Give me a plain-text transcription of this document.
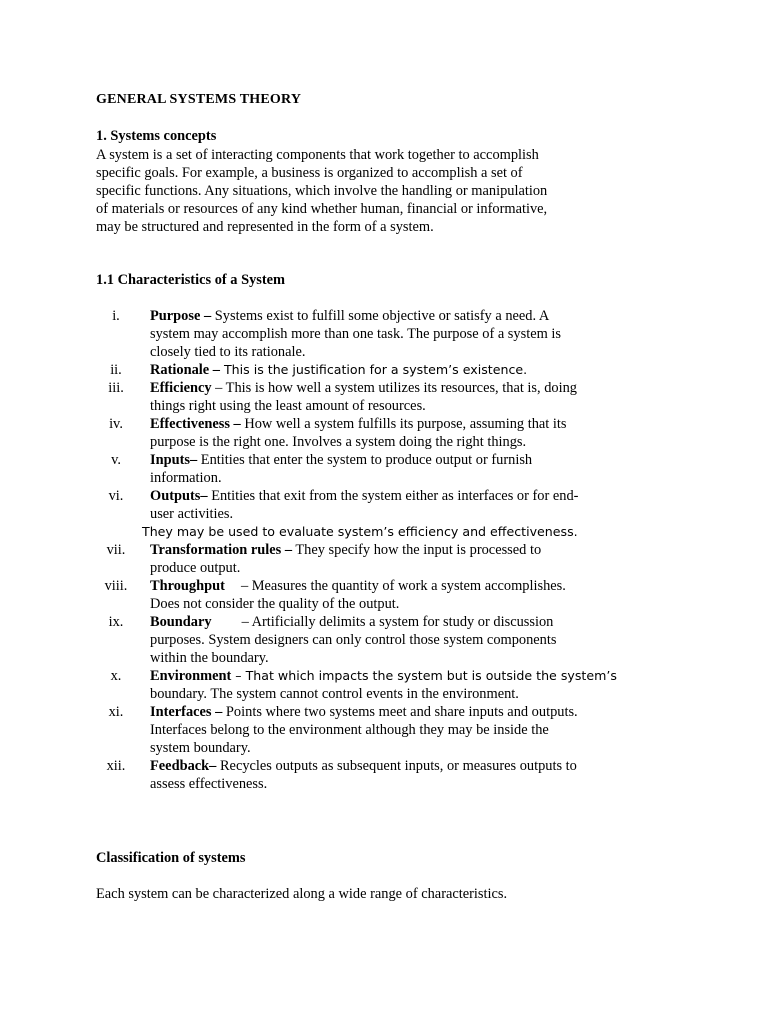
GENERAL SYSTEMS THEORY
1. Systems concepts
A system is a set of interacting components that work together to accomplish
specific goals. For example, a business is organized to accomplish a set of
specific functions. Any situations, which involve the handling or manipulation
of materials or resources of any kind whether human, financial or informative,
may be structured and represented in the form of a system.
1.1 Characteristics of a System
i.	Purpose – Systems exist to fulfill some objective or satisfy a need. A
system may accomplish more than one task. The purpose of a system is
closely tied to its rationale.
ii.	Rationale – This is the justification for a system’s existence.
iii.	Efficiency – This is how well a system utilizes its resources, that is, doing
things right using the least amount of resources.
iv.	Effectiveness – How well a system fulfills its purpose, assuming that its
purpose is the right one. Involves a system doing the right things.
v.	Inputs– Entities that enter the system to produce output or furnish
information.
vi.	Outputs– Entities that exit from the system either as interfaces or for end-
user activities.
They may be used to evaluate system’s efficiency and effectiveness.
vii.	Transformation rules – They specify how the input is processed to
produce output.
viii.	Throughput – Measures the quantity of work a system accomplishes.
Does not consider the quality of the output.
ix.	Boundary – Artificially delimits a system for study or discussion
purposes. System designers can only control those system components
within the boundary.
x.	Environment – That which impacts the system but is outside the system’s
boundary. The system cannot control events in the environment.
xi.	Interfaces – Points where two systems meet and share inputs and outputs.
Interfaces belong to the environment although they may be inside the
system boundary.
xii.	Feedback– Recycles outputs as subsequent inputs, or measures outputs to
assess effectiveness.
Classification of systems
Each system can be characterized along a wide range of characteristics.
